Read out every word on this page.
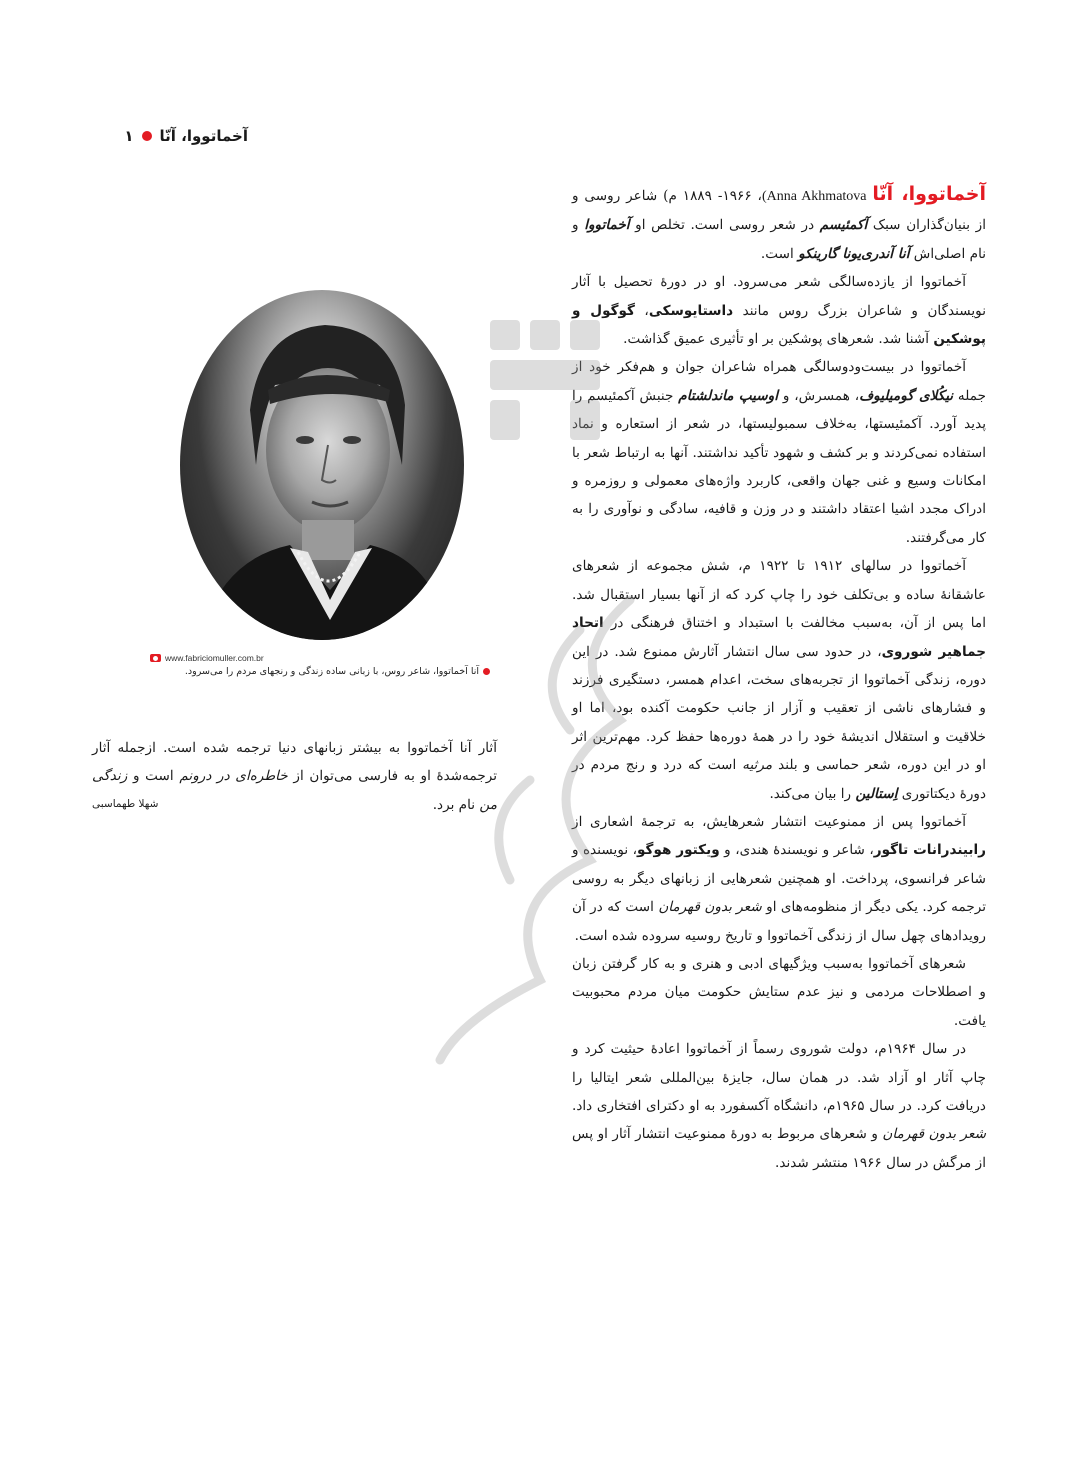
آخماتووا، آنّا
۱

آخماتووا، آنّا (Anna Akhmatova، ۱۹۶۶- ۱۸۸۹ م) شاعر روسی و از بنیان‌گذاران سبک آکمئیسم در شعر روسی است. تخلص او آخماتووا و نام اصلی‌اش آنا آندری‌یونا گارینکو است.

آخماتووا از یازده‌سالگی شعر می‌سرود. او در دورۀ تحصیل با آثار نویسندگان و شاعران بزرگ روس مانند داستایوسکی، گوگول و پوشکین آشنا شد. شعرهای پوشکین بر او تأثیری عمیق گذاشت.

آخماتووا در بیست‌ودوسالگی همراه شاعران جوان و هم‌فکر خود از جمله نیکُلای گومیلیوف، همسرش، و اوسیپ ماندلشتام جنبش آکمئیسم را پدید آورد. آکمئیستها، به‌خلاف سمبولیستها، در شعر از استعاره و نماد استفاده نمی‌کردند و بر کشف و شهود تأکید نداشتند. آنها به ارتباط شعر با امکانات وسیع و غنی جهان واقعی، کاربرد واژه‌های معمولی و روزمره و ادراک مجدد اشیا اعتقاد داشتند و در وزن و قافیه، سادگی و نوآوری را به کار می‌گرفتند.

آخماتووا در سالهای ۱۹۱۲ تا ۱۹۲۲ م، شش مجموعه از شعرهای عاشقانۀ ساده و بی‌تکلف خود را چاپ کرد که از آنها بسیار استقبال شد. اما پس از آن، به‌سبب مخالفت با استبداد و اختناق فرهنگی در اتحاد جماهیر شوروی، در حدود سی سال انتشار آثارش ممنوع شد. در این دوره، زندگی آخماتووا از تجربه‌های سخت، اعدام همسر، دستگیری فرزند و فشارهای ناشی از تعقیب و آزار از جانب حکومت آکنده بود، اما او خلاقیت و استقلال اندیشۀ خود را در همۀ دوره‌ها حفظ کرد. مهم‌ترین اثر او در این دوره، شعر حماسی و بلند مرثیه است که درد و رنج مردم در دورۀ دیکتاتوری اِستالین را بیان می‌کند.

آخماتووا پس از ممنوعیت انتشار شعرهایش، به ترجمۀ اشعاری از رابیندرانات تاگور، شاعر و نویسندۀ هندی، و ویکتور هوگو، نویسنده و شاعر فرانسوی، پرداخت. او همچنین شعرهایی از زبانهای دیگر به روسی ترجمه کرد. یکی دیگر از منظومه‌های او شعر بدون قهرمان است که در آن رویدادهای چهل سال از زندگی آخماتووا و تاریخ روسیه سروده شده است.

شعرهای آخماتووا به‌سبب ویژگیهای ادبی و هنری و به کار گرفتن زبان و اصطلاحات مردمی و نیز عدم ستایش حکومت میان مردم محبوبیت یافت.

در سال ۱۹۶۴م، دولت شوروی رسماً از آخماتووا اعادۀ حیثیت کرد و چاپ آثار او آزاد شد. در همان سال، جایزۀ بین‌المللی شعر ایتالیا را دریافت کرد. در سال ۱۹۶۵م، دانشگاه آکسفورد به او دکترای افتخاری داد. شعر بدون قهرمان و شعرهای مربوط به دورۀ ممنوعیت انتشار آثار او پس از مرگش در سال ۱۹۶۶ منتشر شدند.

www.fabriciomuller.com.br
آنا آخماتووا، شاعر روس، با زبانی ساده زندگی و رنجهای مردم را می‌سرود.
آثار آنا آخماتووا به بیشتر زبانهای دنیا ترجمه شده است. ازجمله آثار ترجمه‌شدۀ او به فارسی می‌توان از خاطره‌ای در درونم است و زندگی من نام برد.
شهلا طهماسبی
